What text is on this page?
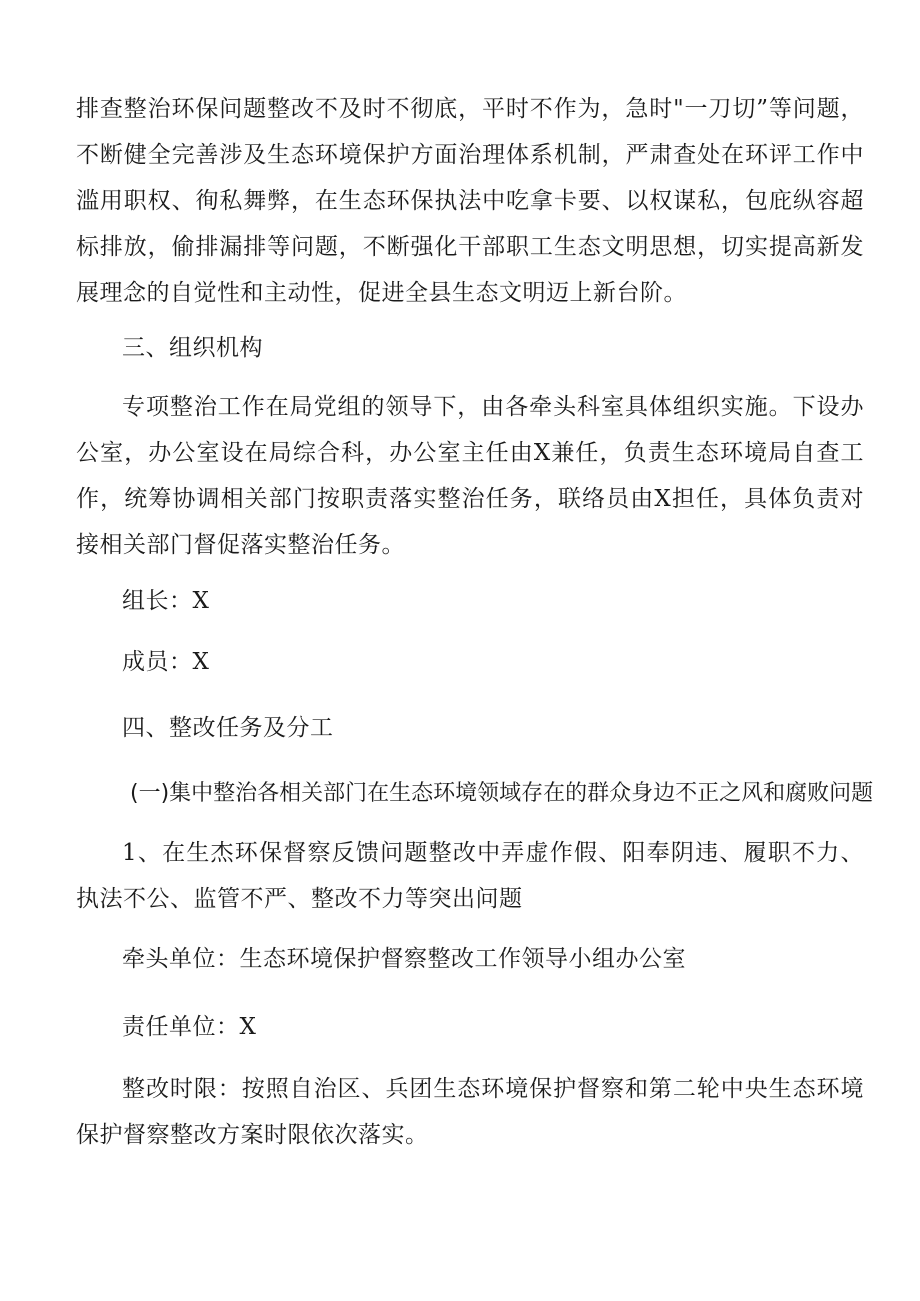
排查整治环保问题整改不及时不彻底，平时不作为，急时"一刀切”等问题，不断健全完善涉及生态环境保护方面治理体系机制，严肃查处在环评工作中滥用职权、徇私舞弊，在生态环保执法中吃拿卡要、以权谋私，包庇纵容超标排放，偷排漏排等问题，不断强化干部职工生态文明思想，切实提高新发展理念的自觉性和主动性，促进全县生态文明迈上新台阶。

三、组织机构

专项整治工作在局党组的领导下，由各牵头科室具体组织实施。下设办公室，办公室设在局综合科，办公室主任由X兼任，负责生态环境局自查工作，统筹协调相关部门按职责落实整治任务，联络员由X担任，具体负责对接相关部门督促落实整治任务。

组长：X

成员：X

四、整改任务及分工
(一)集中整治各相关部门在生态环境领域存在的群众身边不正之风和腐败问题

1、在生杰环保督察反馈问题整改中弄虚作假、阳奉阴违、履职不力、执法不公、监管不严、整改不力等突出问题

牵头单位：生态环境保护督察整改工作领导小组办公室

责任单位：X

整改时限：按照自治区、兵团生态环境保护督察和第二轮中央生态环境保护督察整改方案时限依次落实。
